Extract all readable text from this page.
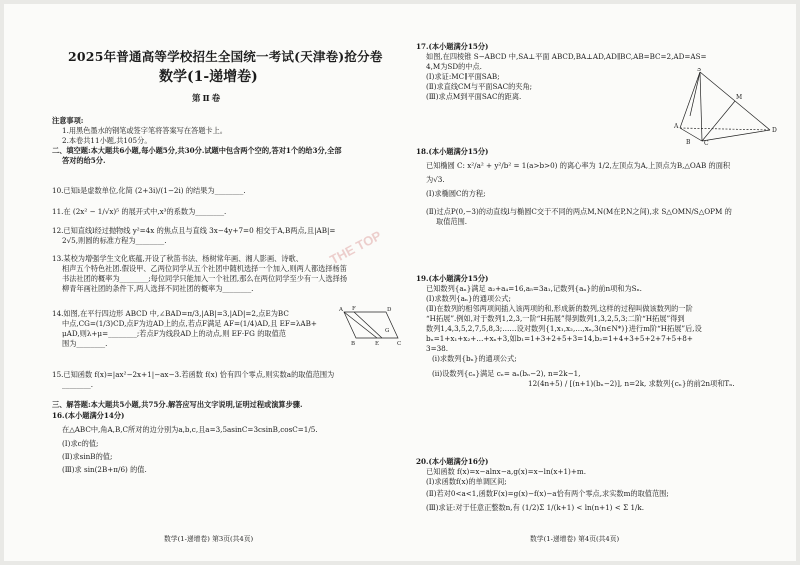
2025年普通高等学校招生全国统一考试(天津卷)抢分卷
数学(1-递增卷)
第Ⅱ卷
注意事项:
1.用黑色墨水的钢笔或签字笔将答案写在答题卡上。
2.本卷共11小题,共105分。
二、填空题:本大题共6小题,每小题5分,共30分.试题中包含两个空的,答对1个的给3分,全部
答对的给5分.
10.已知i是虚数单位,化简 (2+3i)/(1−2i) 的结果为________.
11.在 (2x² − 1/√x)⁵ 的展开式中,x³的系数为________.
12.已知直线l经过抛物线 y²=4x 的焦点且与直线 3x−4y+7=0 相交于A,B两点,且|AB|=
2√5,则圆的标准方程为________.
13.某校为增强学生文化底蕴,开设了秋笛书法、杨树常年画、湘人影画、诗歌、
相声五个特色社团.假设甲、乙两位同学从五个社团中随机选择一个加入,则两人都选择杨笛
书法社团的概率为________;每位同学只能加入一个社团,那么在两位同学至少有一人选择扬
柳青年画社团的条件下,两人选择不同社团的概率为________.
14.如图,在平行四边形 ABCD 中,∠BAD=π/3,|AB|=3,|AD|=2,点E为BC
中点,CG=(1/3)CD,点F为边AD上的点,若点F满足 AF=(1/4)AD,且 EF=λAB+
μAD,则λ+μ=________;若点F为线段AD上的动点,则 EF·FG 的取值范
围为________.
A F	D
B	E	C
G
15.已知函数 f(x)=|ax²−2x+1|−ax−3.若函数 f(x) 恰有四个零点,则实数a的取值范围为
________.
三、解答题:本大题共5小题,共75分.解答应写出文字说明,证明过程或演算步骤.
16.(本小题满分14分)
在△ABC中,角A,B,C所对的边分别为a,b,c,且a=3,5asinC=3csinB,cosC=1/5.
(Ⅰ)求c的值;
(Ⅱ)求sinB的值;
(Ⅲ)求 sin(2B+π/6) 的值.
数学(1-递增卷) 第3页(共4页)
THE TOP
17.(本小题满分15分)
如图,在四棱锥 S−ABCD 中,SA⊥平面 ABCD,BA⊥AD,AD∥BC,AB=BC=2,AD=AS=
4,M为SD的中点.
(Ⅰ)求证:MC∥平面SAB;
(Ⅱ)求直线CM与平面SAC的夹角;
(Ⅲ)求点M到平面SAC的距离.
S
M
A
D
B C
18.(本小题满分15分)
已知椭圆 C: x²/a² + y²/b² = 1(a>b>0) 的离心率为 1/2,左顶点为A,上顶点为B,△OAB 的面积
为√3.
(Ⅰ)求椭圆C的方程;
(Ⅱ)过点P(0,−3)的动直线l与椭圆C交于不同的两点M,N(M在P,N之间),求 S△OMN/S△OPM 的
取值范围.
19.(本小题满分15分)
已知数列{aₙ}满足 a₂+a₄=16,a₅=3a₁,记数列{aₙ}的前n项和为Sₙ.
(Ⅰ)求数列{aₙ}的通项公式;
(Ⅱ)在数列的相邻两项间插入该两项的和,形成新的数列,这样的过程叫做该数列的一阶
“H拓展”.例如,对于数列1,2,3,一阶“H拓展”得到数列1,3,2,5,3;二阶“H拓展”得到
数列1,4,3,5,2,7,5,8,3;……设对数列{1,x₁,x₂,…,xₙ,3(n∈N*)}进行m阶“H拓展”后,设
bₙ=1+x₁+x₂+…+xₙ+3,如b₁=1+3+2+5+3=14,b₂=1+4+3+5+2+7+5+8+
3=38.
(ⅰ)求数列{bₙ}的通项公式;
(ⅱ)设数列{cₙ}满足 cₙ= aₙ(bₙ−2), n=2k−1,
12(4n+5) / [(n+1)(bₙ−2)], n=2k, 求数列{cₙ}的前2n项和Tₙ.
20.(本小题满分16分)
已知函数 f(x)=x−alnx−a,g(x)=x−ln(x+1)+m.
(Ⅰ)求函数f(x)的单调区间;
(Ⅱ)若对0<a<1,函数F(x)=g(x)−f(x)−a恰有两个零点,求实数m的取值范围;
(Ⅲ)求证:对于任意正整数n,有 (1/2)Σ 1/(k+1) < ln(n+1) < Σ 1/k.
数学(1-递增卷) 第4页(共4页)
